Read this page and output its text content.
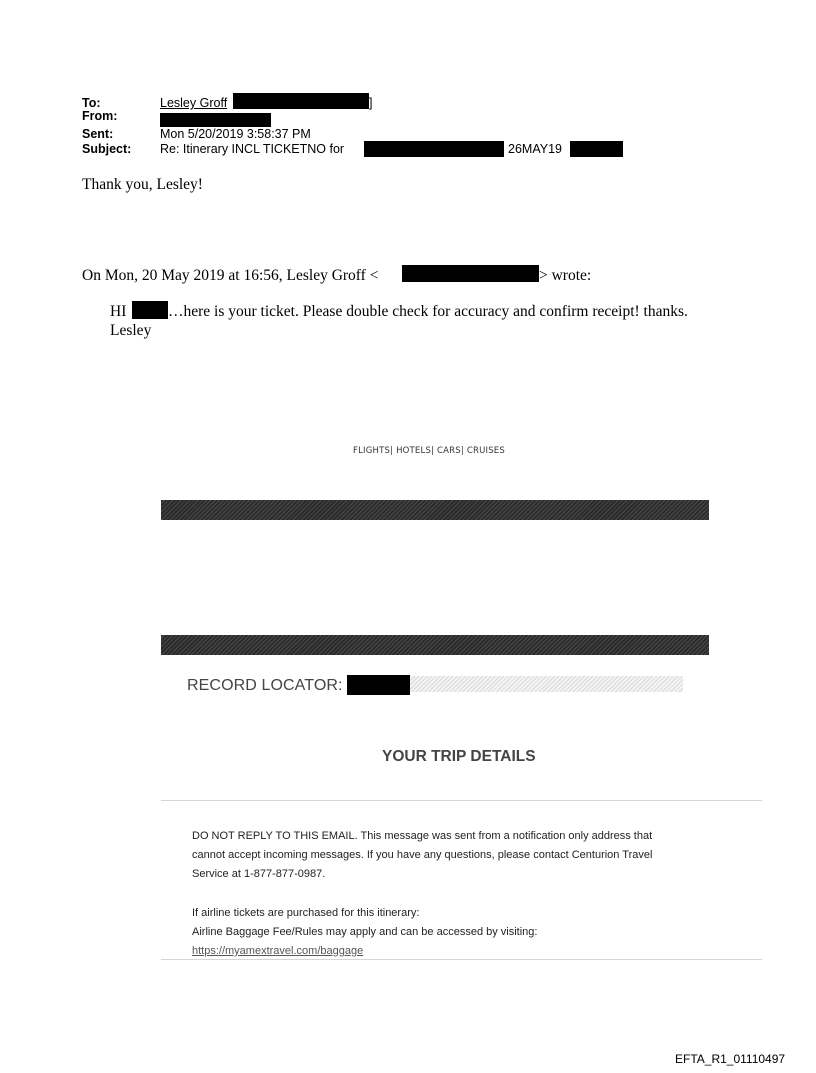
To:	Lesley Groff	]
From:
Sent:	Mon 5/20/2019 3:58:37 PM
Subject: Re: Itinerary INCL TICKETNO for	26MAY19
Thank you, Lesley!
On Mon, 20 May 2019 at 16:56, Lesley Groff <	> wrote:
HI	…here is your ticket. Please double check for accuracy and confirm receipt! thanks.
Lesley
FLIGHTS| HOTELS| CARS| CRUISES
RECORD LOCATOR:
YOUR TRIP DETAILS
DO NOT REPLY TO THIS EMAIL. This message was sent from a notification only address that
cannot accept incoming messages. If you have any questions, please contact Centurion Travel
Service at 1-877-877-0987.
If airline tickets are purchased for this itinerary:
Airline Baggage Fee/Rules may apply and can be accessed by visiting:
https://myamextravel.com/baggage
EFTA_R1_01110497
